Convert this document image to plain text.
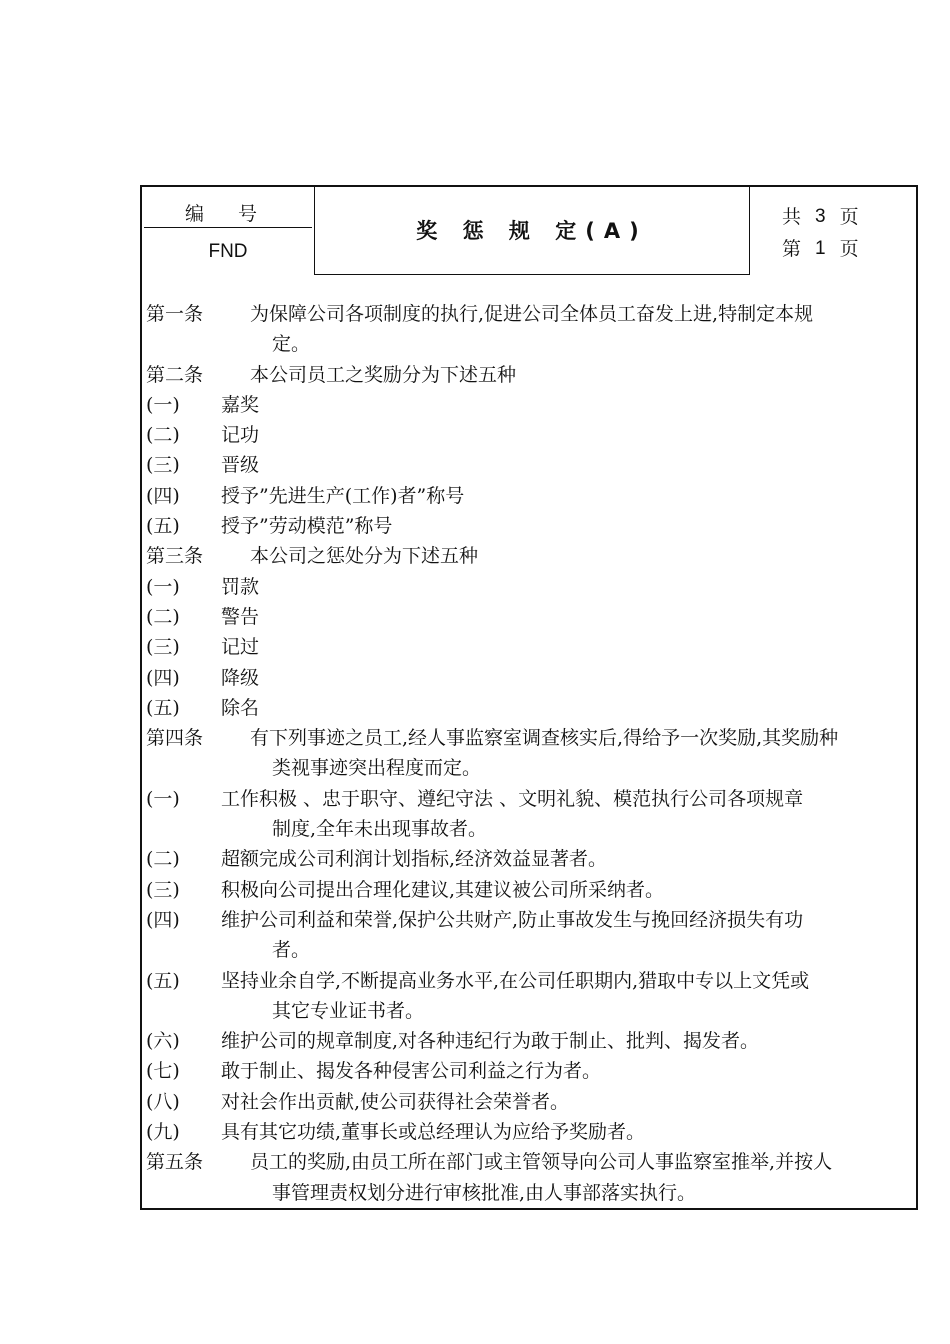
编 号
FND
奖 惩 规 定(A)
共 3 页
第 1 页
第一条 为保障公司各项制度的执行,促进公司全体员工奋发上进,特制定本规
定。
第二条 本公司员工之奖励分为下述五种
(一) 嘉奖
(二) 记功
(三) 晋级
(四) 授予”先进生产(工作)者”称号
(五) 授予”劳动模范”称号
第三条 本公司之惩处分为下述五种
(一) 罚款
(二) 警告
(三) 记过
(四) 降级
(五) 除名
第四条 有下列事迹之员工,经人事监察室调查核实后,得给予一次奖励,其奖励种
类视事迹突出程度而定。
(一) 工作积极 、忠于职守、遵纪守法 、文明礼貌、模范执行公司各项规章
制度,全年未出现事故者。
(二) 超额完成公司利润计划指标,经济效益显著者。
(三) 积极向公司提出合理化建议,其建议被公司所采纳者。
(四) 维护公司利益和荣誉,保护公共财产,防止事故发生与挽回经济损失有功
者。
(五) 坚持业余自学,不断提高业务水平,在公司任职期内,猎取中专以上文凭或
其它专业证书者。
(六) 维护公司的规章制度,对各种违纪行为敢于制止、批判、揭发者。
(七) 敢于制止、揭发各种侵害公司利益之行为者。
(八) 对社会作出贡献,使公司获得社会荣誉者。
(九) 具有其它功绩,董事长或总经理认为应给予奖励者。
第五条 员工的奖励,由员工所在部门或主管领导向公司人事监察室推举,并按人
事管理责权划分进行审核批准,由人事部落实执行。
